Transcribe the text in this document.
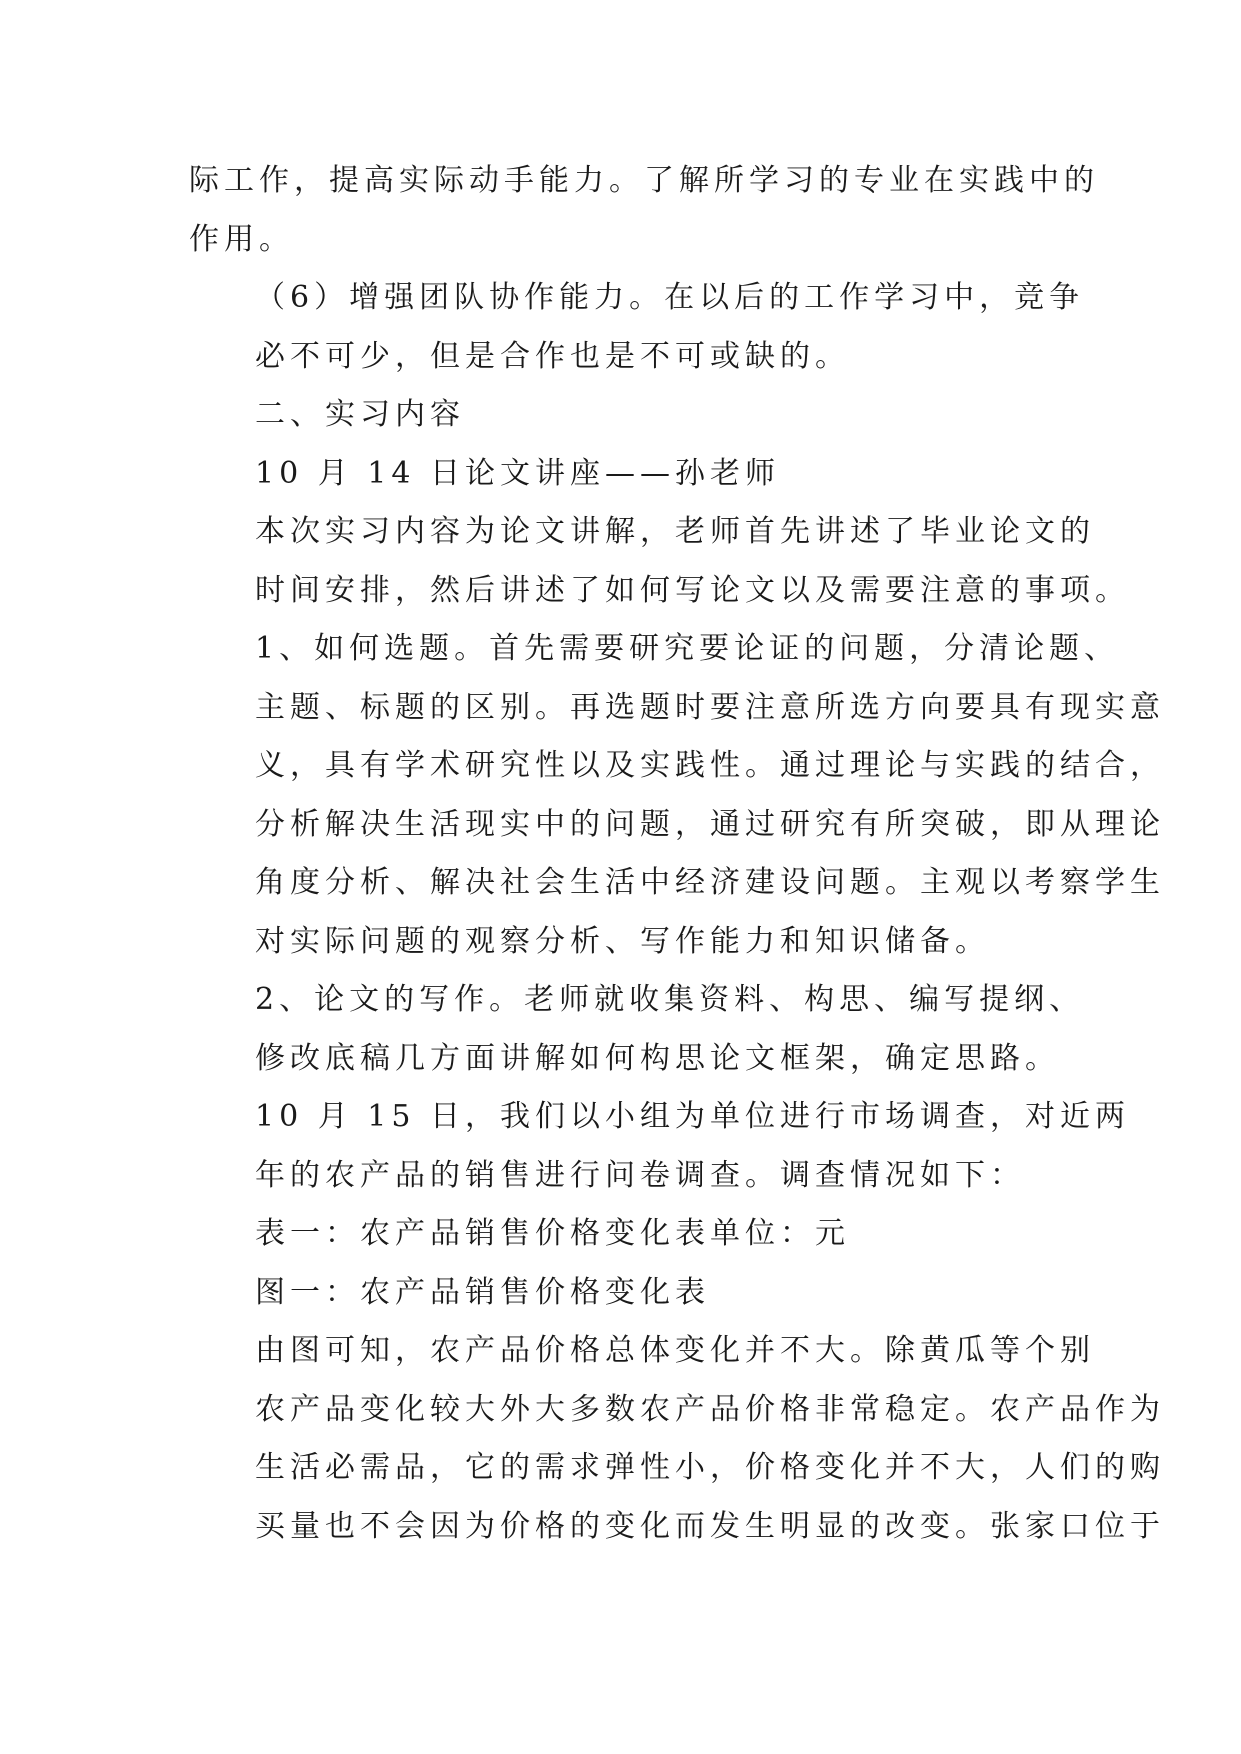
际工作，提高实际动手能力。了解所学习的专业在实践中的
作用。
（6）增强团队协作能力。在以后的工作学习中，竞争
必不可少，但是合作也是不可或缺的。
二、实习内容
10 月 14 日论文讲座——孙老师
本次实习内容为论文讲解，老师首先讲述了毕业论文的
时间安排，然后讲述了如何写论文以及需要注意的事项。
1、如何选题。首先需要研究要论证的问题，分清论题、
主题、标题的区别。再选题时要注意所选方向要具有现实意
义，具有学术研究性以及实践性。通过理论与实践的结合，
分析解决生活现实中的问题，通过研究有所突破，即从理论
角度分析、解决社会生活中经济建设问题。主观以考察学生
对实际问题的观察分析、写作能力和知识储备。
2、论文的写作。老师就收集资料、构思、编写提纲、
修改底稿几方面讲解如何构思论文框架，确定思路。
10 月 15 日，我们以小组为单位进行市场调查，对近两
年的农产品的销售进行问卷调查。调查情况如下：
表一：农产品销售价格变化表单位：元
图一：农产品销售价格变化表
由图可知，农产品价格总体变化并不大。除黄瓜等个别
农产品变化较大外大多数农产品价格非常稳定。农产品作为
生活必需品，它的需求弹性小，价格变化并不大，人们的购
买量也不会因为价格的变化而发生明显的改变。张家口位于
